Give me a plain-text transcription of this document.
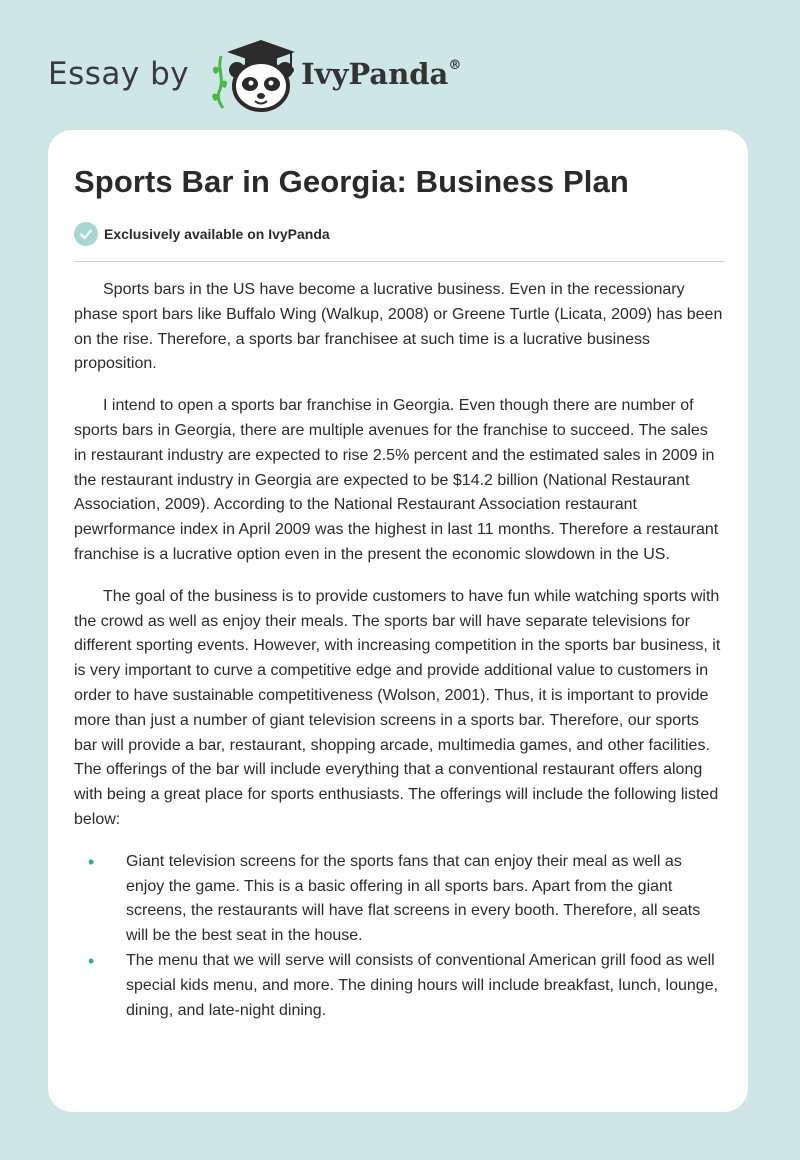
Essay by	IvyPanda®
Sports Bar in Georgia: Business Plan
Exclusively available on IvyPanda

Sports bars in the US have become a lucrative business. Even in the recessionary phase sport bars like Buffalo Wing (Walkup, 2008) or Greene Turtle (Licata, 2009) has been on the rise. Therefore, a sports bar franchisee at such time is a lucrative business proposition.

I intend to open a sports bar franchise in Georgia. Even though there are number of sports bars in Georgia, there are multiple avenues for the franchise to succeed. The sales in restaurant industry are expected to rise 2.5% percent and the estimated sales in 2009 in the restaurant industry in Georgia are expected to be $14.2 billion (National Restaurant Association, 2009). According to the National Restaurant Association restaurant pewrformance index in April 2009 was the highest in last 11 months. Therefore a restaurant franchise is a lucrative option even in the present the economic slowdown in the US.

The goal of the business is to provide customers to have fun while watching sports with the crowd as well as enjoy their meals. The sports bar will have separate televisions for different sporting events. However, with increasing competition in the sports bar business, it is very important to curve a competitive edge and provide additional value to customers in order to have sustainable competitiveness (Wolson, 2001). Thus, it is important to provide more than just a number of giant television screens in a sports bar. Therefore, our sports bar will provide a bar, restaurant, shopping arcade, multimedia games, and other facilities. The offerings of the bar will include everything that a conventional restaurant offers along with being a great place for sports enthusiasts. The offerings will include the following listed below:

• Giant television screens for the sports fans that can enjoy their meal as well as enjoy the game. This is a basic offering in all sports bars. Apart from the giant screens, the restaurants will have flat screens in every booth. Therefore, all seats will be the best seat in the house.
• The menu that we will serve will consists of conventional American grill food as well special kids menu, and more. The dining hours will include breakfast, lunch, lounge, dining, and late-night dining.
